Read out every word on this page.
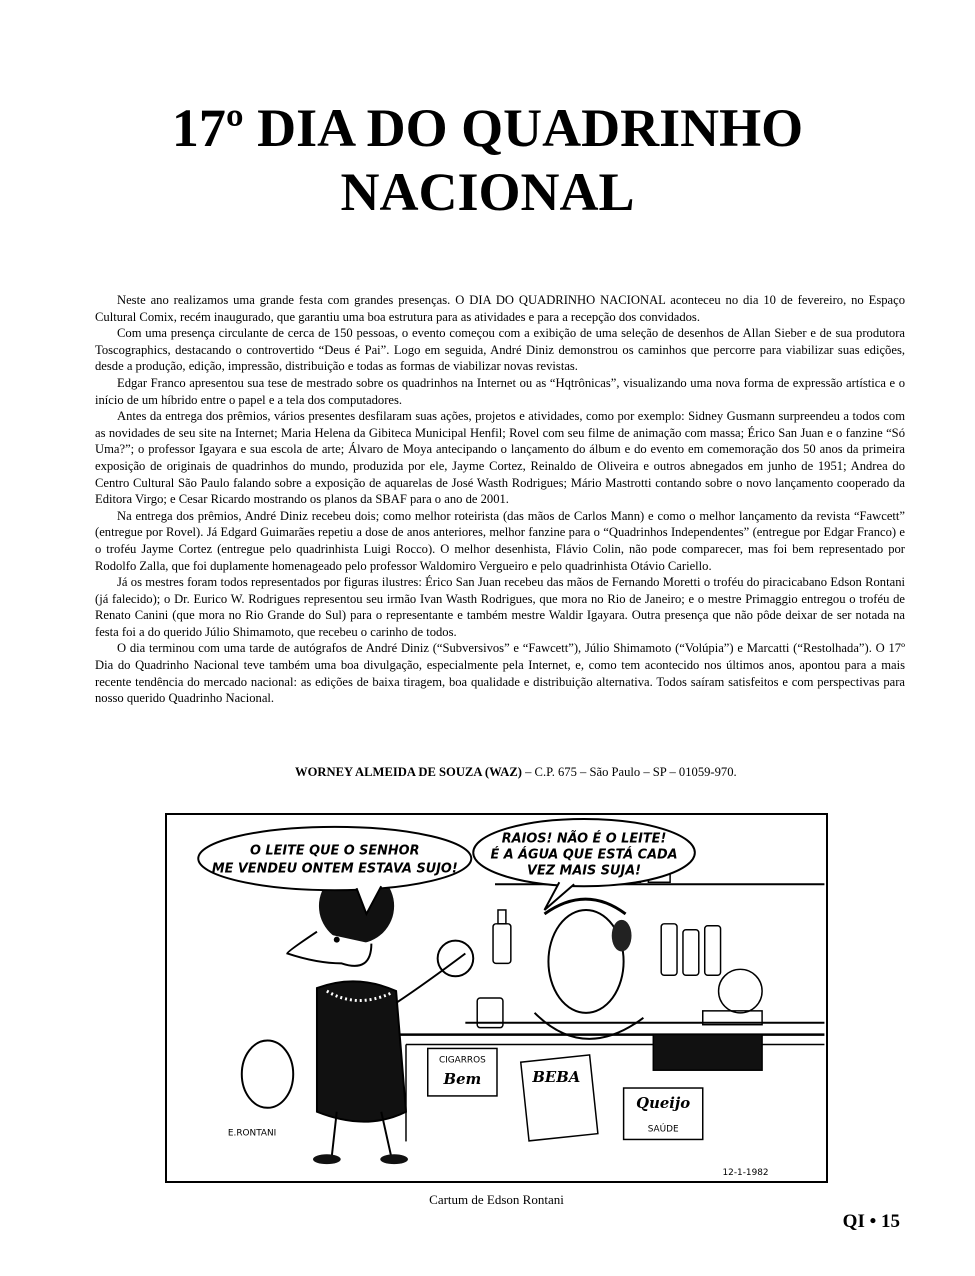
17º DIA DO QUADRINHO
NACIONAL

Neste ano realizamos uma grande festa com grandes presenças. O DIA DO QUADRINHO NACIONAL aconteceu no dia 10 de fevereiro, no Espaço Cultural Comix, recém inaugurado, que garantiu uma boa estrutura para as atividades e para a recepção dos convidados.

Com uma presença circulante de cerca de 150 pessoas, o evento começou com a exibição de uma seleção de desenhos de Allan Sieber e de sua produtora Toscographics, destacando o controvertido “Deus é Pai”. Logo em seguida, André Diniz demonstrou os caminhos que percorre para viabilizar suas edições, desde a produção, edição, impressão, distribuição e todas as formas de viabilizar novas revistas.

Edgar Franco apresentou sua tese de mestrado sobre os quadrinhos na Internet ou as “Hqtrônicas”, visualizando uma nova forma de expressão artística e o início de um híbrido entre o papel e a tela dos computadores.

Antes da entrega dos prêmios, vários presentes desfilaram suas ações, projetos e atividades, como por exemplo: Sidney Gusmann surpreendeu a todos com as novidades de seu site na Internet; Maria Helena da Gibiteca Municipal Henfil; Rovel com seu filme de animação com massa; Érico San Juan e o fanzine “Só Uma?”; o professor Igayara e sua escola de arte; Álvaro de Moya antecipando o lançamento do álbum e do evento em comemoração dos 50 anos da primeira exposição de originais de quadrinhos do mundo, produzida por ele, Jayme Cortez, Reinaldo de Oliveira e outros abnegados em junho de 1951; Andrea do Centro Cultural São Paulo falando sobre a exposição de aquarelas de José Wasth Rodrigues; Mário Mastrotti contando sobre o novo lançamento cooperado da Editora Virgo; e Cesar Ricardo mostrando os planos da SBAF para o ano de 2001.

Na entrega dos prêmios, André Diniz recebeu dois; como melhor roteirista (das mãos de Carlos Mann) e como o melhor lançamento da revista “Fawcett” (entregue por Rovel). Já Edgard Guimarães repetiu a dose de anos anteriores, melhor fanzine para o “Quadrinhos Independentes” (entregue por Edgar Franco) e o troféu Jayme Cortez (entregue pelo quadrinhista Luigi Rocco). O melhor desenhista, Flávio Colin, não pode comparecer, mas foi bem representado por Rodolfo Zalla, que foi duplamente homenageado pelo professor Waldomiro Vergueiro e pelo quadrinhista Otávio Cariello.

Já os mestres foram todos representados por figuras ilustres: Érico San Juan recebeu das mãos de Fernando Moretti o troféu do piracicabano Edson Rontani (já falecido); o Dr. Eurico W. Rodrigues representou seu irmão Ivan Wasth Rodrigues, que mora no Rio de Janeiro; e o mestre Primaggio entregou o troféu de Renato Canini (que mora no Rio Grande do Sul) para o representante e também mestre Waldir Igayara. Outra presença que não pôde deixar de ser notada na festa foi a do querido Júlio Shimamoto, que recebeu o carinho de todos.

O dia terminou com uma tarde de autógrafos de André Diniz (“Subversivos” e “Fawcett”), Júlio Shimamoto (“Volúpia”) e Marcatti (“Restolhada”). O 17º Dia do Quadrinho Nacional teve também uma boa divulgação, especialmente pela Internet, e, como tem acontecido nos últimos anos, apontou para a mais recente tendência do mercado nacional: as edições de baixa tiragem, boa qualidade e distribuição alternativa. Todos saíram satisfeitos e com perspectivas para nosso querido Quadrinho Nacional.

WORNEY ALMEIDA DE SOUZA (WAZ) – C.P. 675 – São Paulo – SP – 01059-970.
O LEITE QUE O SENHOR
ME VENDEU ONTEM ESTAVA SUJO!
RAIOS! NÃO É O LEITE!
É A ÁGUA QUE ESTÁ CADA
VEZ MAIS SUJA!
CIGARROS
Bem	BEBA
Queijo
SAÚDE
E.RONTANI
12-1-1982
Cartum de Edson Rontani
QI • 15
